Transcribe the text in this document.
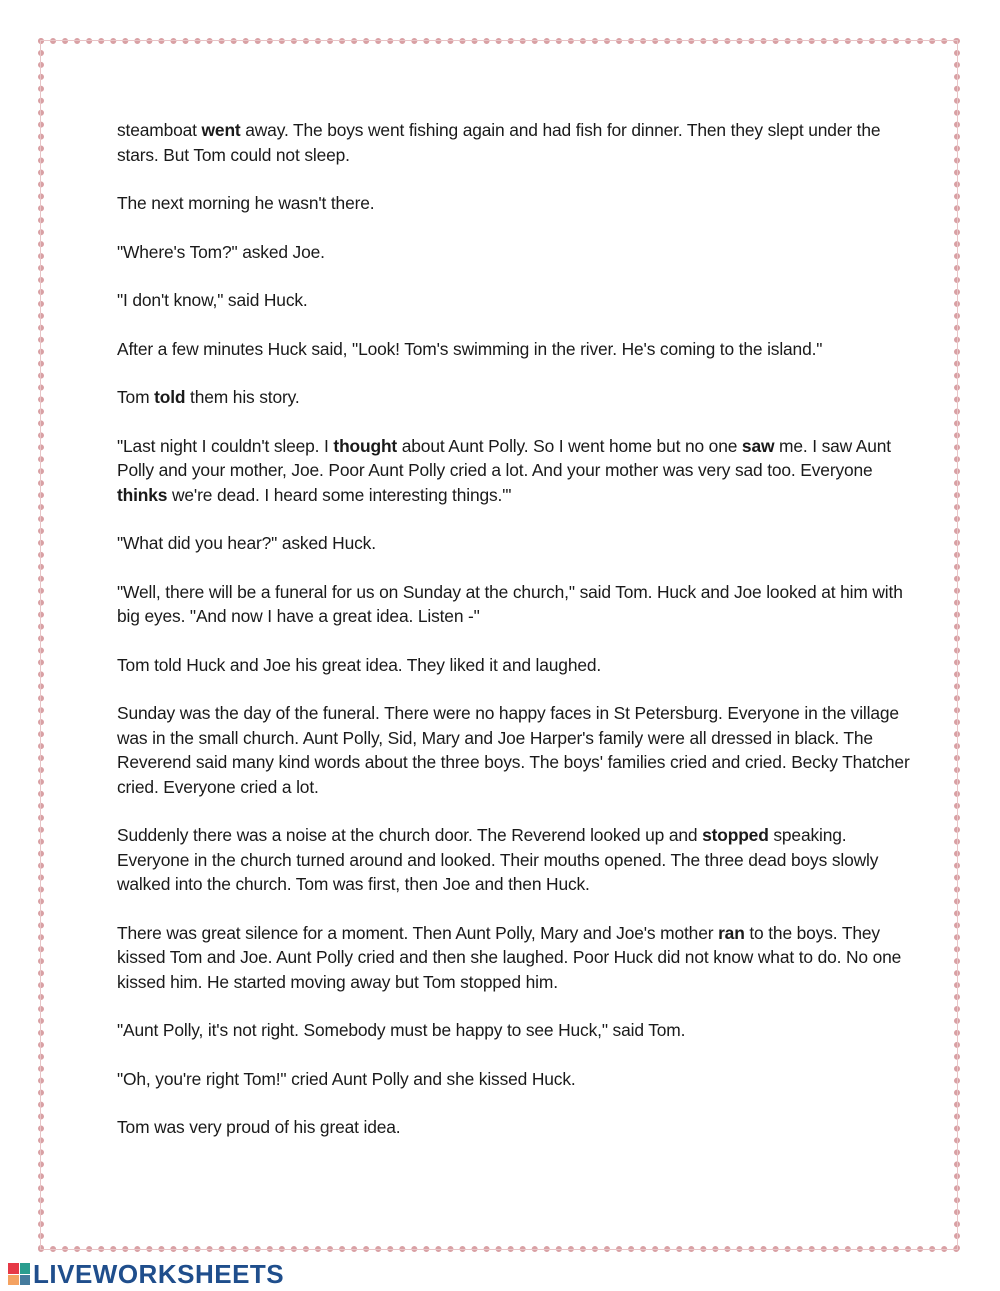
steamboat went away. The boys went fishing again and had fish for dinner. Then they slept under the stars. But Tom could not sleep.

The next morning he wasn't there.

"Where's Tom?" asked Joe.

"I don't know," said Huck.

After a few minutes Huck said, "Look! Tom's swimming in the river. He's coming to the island."

Tom told them his story.

"Last night I couldn't sleep. I thought about Aunt Polly. So I went home but no one saw me. I saw Aunt Polly and your mother, Joe. Poor Aunt Polly cried a lot. And your mother was very sad too. Everyone thinks we're dead. I heard some interesting things."'

"What did you hear?" asked Huck.

"Well, there will be a funeral for us on Sunday at the church," said Tom. Huck and Joe looked at him with big eyes. "And now I have a great idea. Listen -"

Tom told Huck and Joe his great idea. They liked it and laughed.

Sunday was the day of the funeral. There were no happy faces in St Petersburg. Everyone in the village was in the small church. Aunt Polly, Sid, Mary and Joe Harper's family were all dressed in black. The Reverend said many kind words about the three boys. The boys' families cried and cried. Becky Thatcher cried. Everyone cried a lot.

Suddenly there was a noise at the church door. The Reverend looked up and stopped speaking. Everyone in the church turned around and looked. Their mouths opened. The three dead boys slowly walked into the church. Tom was first, then Joe and then Huck.

There was great silence for a moment. Then Aunt Polly, Mary and Joe's mother ran to the boys. They kissed Tom and Joe. Aunt Polly cried and then she laughed. Poor Huck did not know what to do. No one kissed him. He started moving away but Tom stopped him.

"Aunt Polly, it's not right. Somebody must be happy to see Huck," said Tom.

"Oh, you're right Tom!" cried Aunt Polly and she kissed Huck.

Tom was very proud of his great idea.

LIVEWORKSHEETS
